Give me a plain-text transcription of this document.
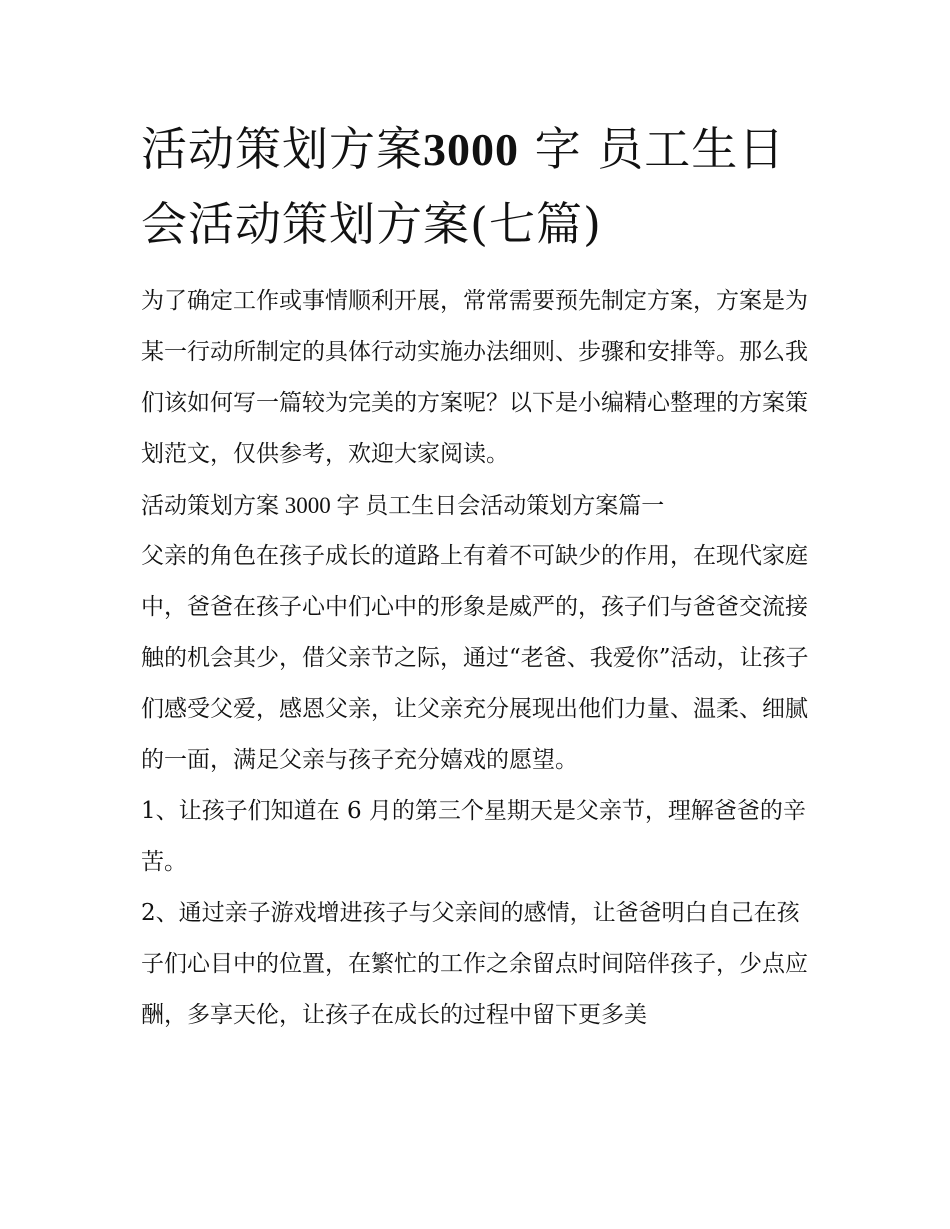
活动策划方案3000 字 员工生日会活动策划方案(七篇)

为了确定工作或事情顺利开展，常常需要预先制定方案，方案是为某一行动所制定的具体行动实施办法细则、步骤和安排等。那么我们该如何写一篇较为完美的方案呢？以下是小编精心整理的方案策划范文，仅供参考，欢迎大家阅读。

活动策划方案 3000 字 员工生日会活动策划方案篇一

父亲的角色在孩子成长的道路上有着不可缺少的作用，在现代家庭中，爸爸在孩子心中们心中的形象是威严的，孩子们与爸爸交流接触的机会其少，借父亲节之际，通过“老爸、我爱你”活动，让孩子们感受父爱，感恩父亲，让父亲充分展现出他们力量、温柔、细腻的一面，满足父亲与孩子充分嬉戏的愿望。

1、让孩子们知道在 6 月的第三个星期天是父亲节，理解爸爸的辛苦。

2、通过亲子游戏增进孩子与父亲间的感情，让爸爸明白自己在孩子们心目中的位置，在繁忙的工作之余留点时间陪伴孩子，少点应酬，多享天伦，让孩子在成长的过程中留下更多美
